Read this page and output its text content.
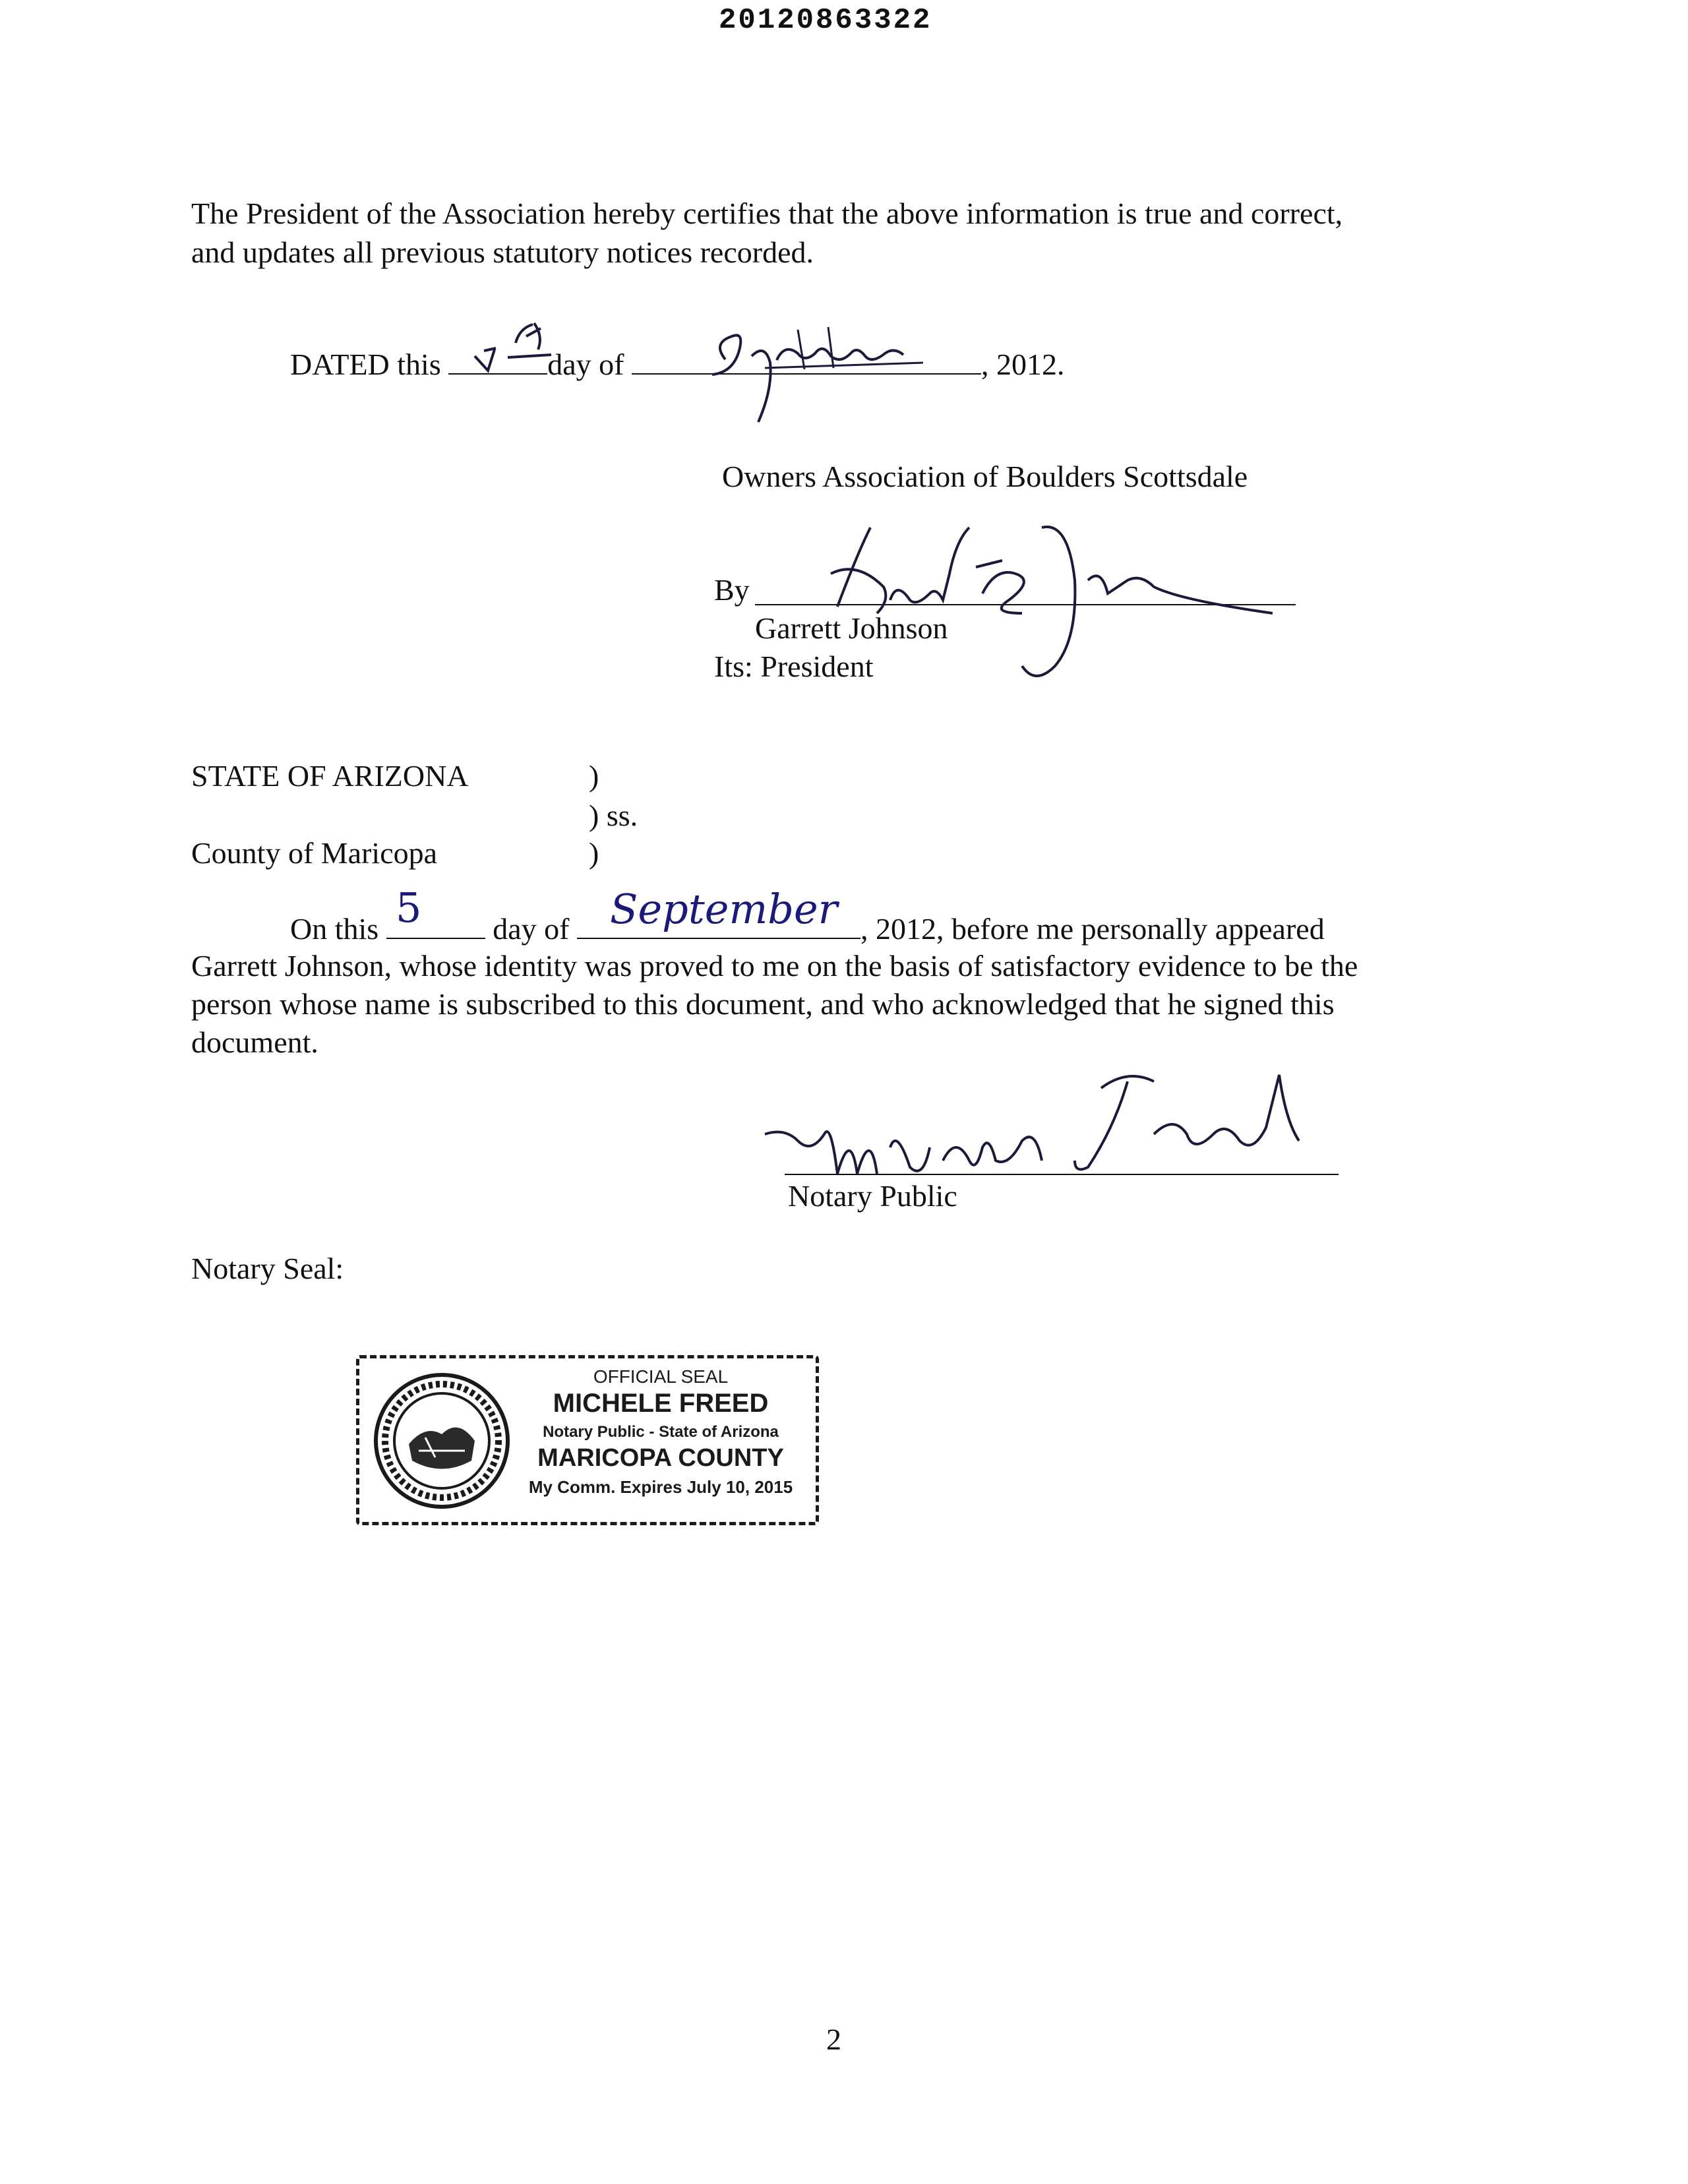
20120863322
The President of the Association hereby certifies that the above information is true and correct,
and updates all previous statutory notices recorded.
DATED this	day of	, 2012.
Owners Association of Boulders Scottsdale
By
Garrett Johnson
Its: President
STATE OF ARIZONA	)
) ss.
County of Maricopa	)
On this	day of	, 2012, before me personally appeared
5	September
Garrett Johnson, whose identity was proved to me on the basis of satisfactory evidence to be the
person whose name is subscribed to this document, and who acknowledged that he signed this
document.
Notary Public
Notary Seal:
OFFICIAL SEAL
MICHELE FREED
Notary Public - State of Arizona
MARICOPA COUNTY
My Comm. Expires July 10, 2015
2
